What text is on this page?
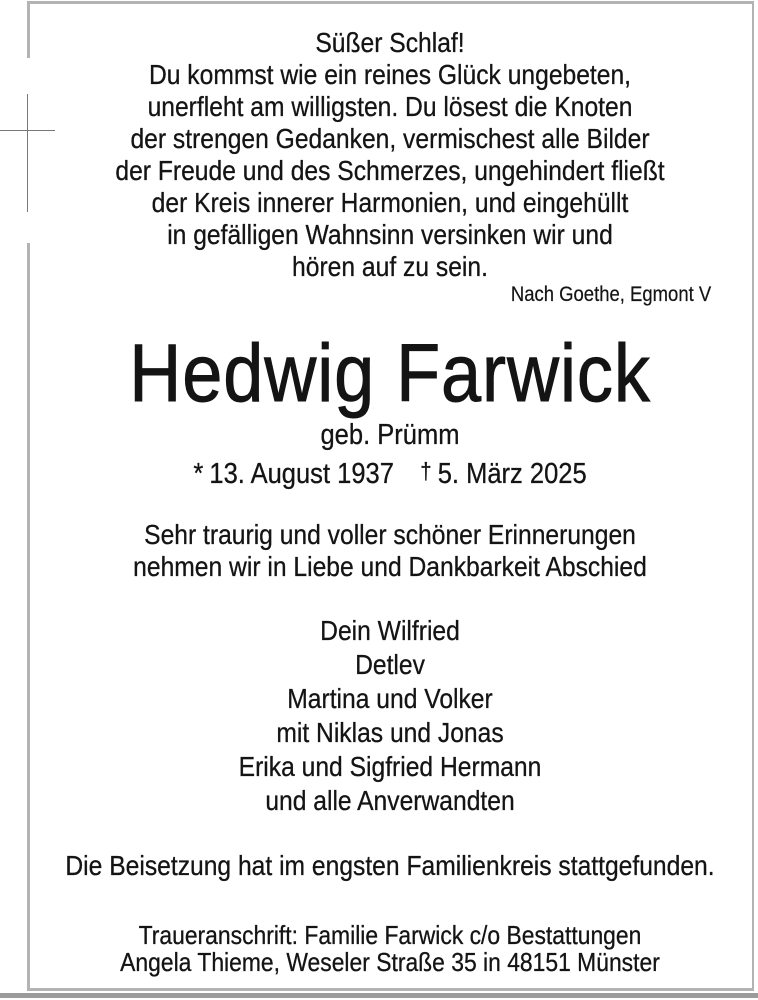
Süßer Schlaf!
Du kommst wie ein reines Glück ungebeten,
unerfleht am willigsten. Du lösest die Knoten
der strengen Gedanken, vermischest alle Bilder
der Freude und des Schmerzes, ungehindert fließt
der Kreis innerer Harmonien, und eingehüllt
in gefälligen Wahnsinn versinken wir und
hören auf zu sein.
Nach Goethe, Egmont V
Hedwig Farwick
geb. Prümm
* 13. August 1937 † 5. März 2025
Sehr traurig und voller schöner Erinnerungen
nehmen wir in Liebe und Dankbarkeit Abschied
Dein Wilfried
Detlev
Martina und Volker
mit Niklas und Jonas
Erika und Sigfried Hermann
und alle Anverwandten
Die Beisetzung hat im engsten Familienkreis stattgefunden.
Traueranschrift: Familie Farwick c/o Bestattungen
Angela Thieme, Weseler Straße 35 in 48151 Münster
